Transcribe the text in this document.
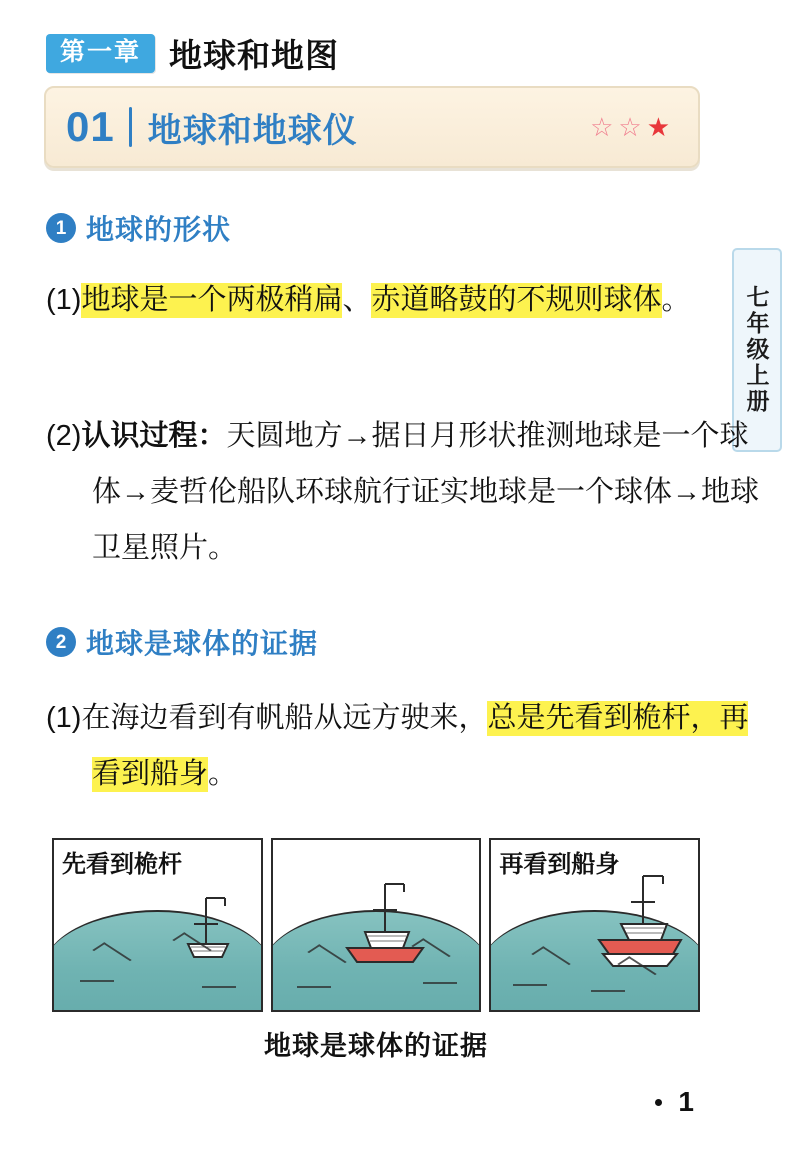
第一章 地球和地图
01 地球和地球仪	☆ ☆ ★
七年级上册
1 地球的形状
(1)地球是一个两极稍扁、赤道略鼓的不规则球体。
(2)认识过程：天圆地方→据日月形状推测地球是一个球体→麦哲伦船队环球航行证实地球是一个球体→地球卫星照片。
2 地球是球体的证据
(1)在海边看到有帆船从远方驶来，总是先看到桅杆，再看到船身。
先看到桅杆	再看到船身
地球是球体的证据
1
